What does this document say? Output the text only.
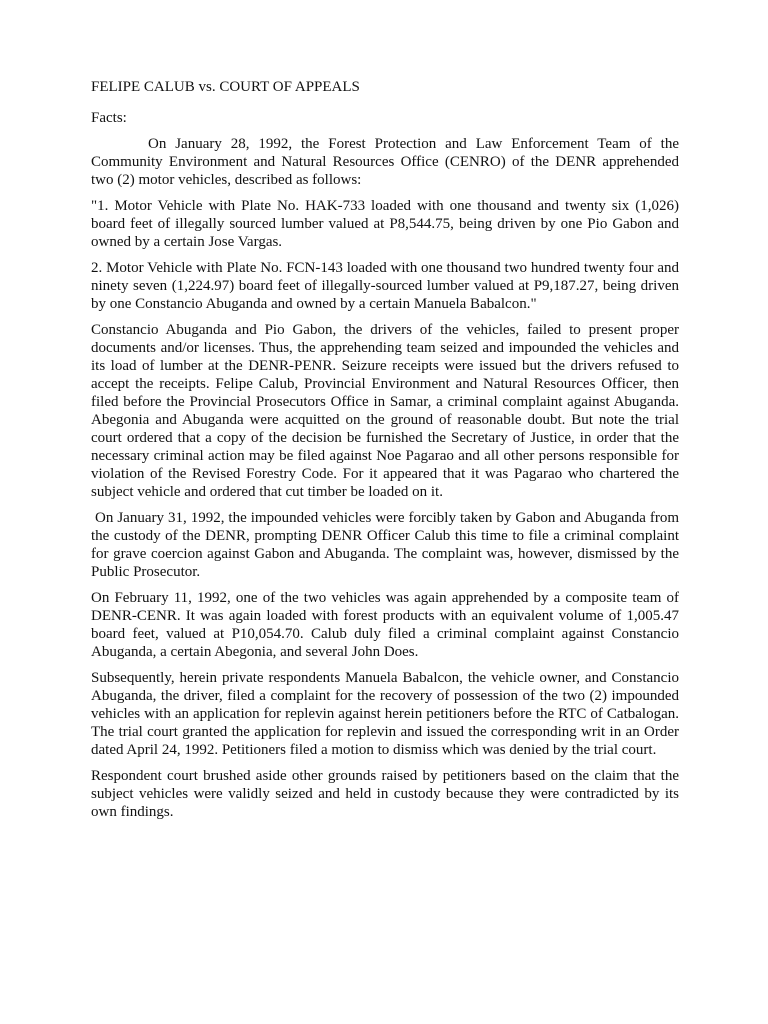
FELIPE CALUB vs. COURT OF APPEALS
Facts:

On January 28, 1992, the Forest Protection and Law Enforcement Team of the Community Environment and Natural Resources Office (CENRO) of the DENR apprehended two (2) motor vehicles, described as follows:

"1. Motor Vehicle with Plate No. HAK-733 loaded with one thousand and twenty six (1,026) board feet of illegally sourced lumber valued at P8,544.75, being driven by one Pio Gabon and owned by a certain Jose Vargas.

2. Motor Vehicle with Plate No. FCN-143 loaded with one thousand two hundred twenty four and ninety seven (1,224.97) board feet of illegally-sourced lumber valued at P9,187.27, being driven by one Constancio Abuganda and owned by a certain Manuela Babalcon."

Constancio Abuganda and Pio Gabon, the drivers of the vehicles, failed to present proper documents and/or licenses. Thus, the apprehending team seized and impounded the vehicles and its load of lumber at the DENR-PENR. Seizure receipts were issued but the drivers refused to accept the receipts. Felipe Calub, Provincial Environment and Natural Resources Officer, then filed before the Provincial Prosecutors Office in Samar, a criminal complaint against Abuganda. Abegonia and Abuganda were acquitted on the ground of reasonable doubt. But note the trial court ordered that a copy of the decision be furnished the Secretary of Justice, in order that the necessary criminal action may be filed against Noe Pagarao and all other persons responsible for violation of the Revised Forestry Code. For it appeared that it was Pagarao who chartered the subject vehicle and ordered that cut timber be loaded on it.

On January 31, 1992, the impounded vehicles were forcibly taken by Gabon and Abuganda from the custody of the DENR, prompting DENR Officer Calub this time to file a criminal complaint for grave coercion against Gabon and Abuganda. The complaint was, however, dismissed by the Public Prosecutor.

On February 11, 1992, one of the two vehicles was again apprehended by a composite team of DENR-CENR. It was again loaded with forest products with an equivalent volume of 1,005.47 board feet, valued at P10,054.70. Calub duly filed a criminal complaint against Constancio Abuganda, a certain Abegonia, and several John Does.

Subsequently, herein private respondents Manuela Babalcon, the vehicle owner, and Constancio Abuganda, the driver, filed a complaint for the recovery of possession of the two (2) impounded vehicles with an application for replevin against herein petitioners before the RTC of Catbalogan. The trial court granted the application for replevin and issued the corresponding writ in an Order dated April 24, 1992. Petitioners filed a motion to dismiss which was denied by the trial court.

Respondent court brushed aside other grounds raised by petitioners based on the claim that the subject vehicles were validly seized and held in custody because they were contradicted by its own findings.
